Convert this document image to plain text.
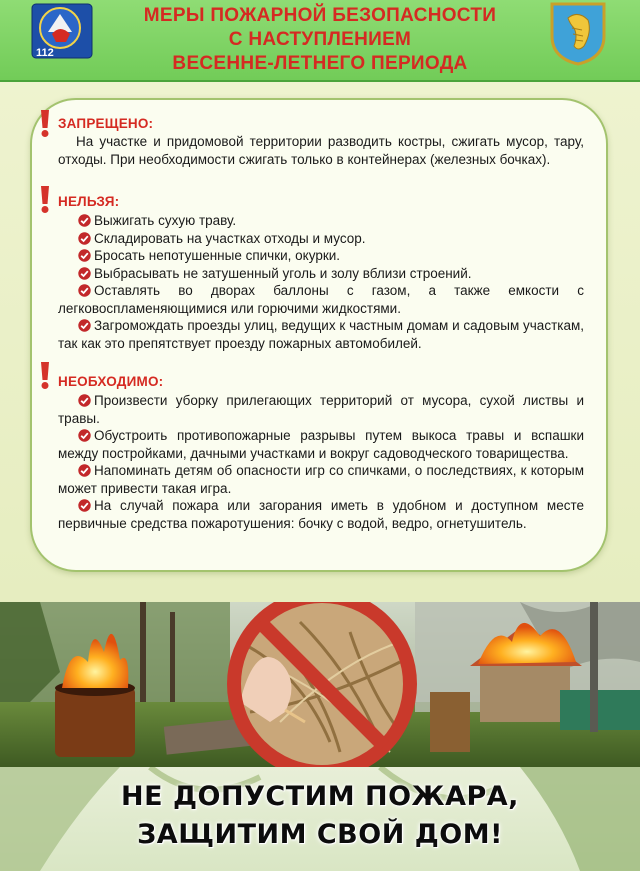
112
МЕРЫ ПОЖАРНОЙ БЕЗОПАСНОСТИ
С НАСТУПЛЕНИЕМ
ВЕСЕННЕ-ЛЕТНЕГО ПЕРИОДА
ЗАПРЕЩЕНО:
На участке и придомовой территории разводить костры, сжигать мусор, тару, отходы. При необходимости сжигать только в контейнерах (железных бочках).
НЕЛЬЗЯ:
Выжигать сухую траву.
Складировать на участках отходы и мусор.
Бросать непотушенные спички, окурки.
Выбрасывать не затушенный уголь и золу вблизи строений.
Оставлять во дворах баллоны с газом, а также емкости с легковоспламеняющимися или горючими жидкостями.
Загромождать проезды улиц, ведущих к частным домам и садовым участкам, так как это препятствует проезду пожарных автомобилей.
НЕОБХОДИМО:
Произвести уборку прилегающих территорий от мусора, сухой листвы и травы.
Обустроить противопожарные разрывы путем выкоса травы и вспашки между постройками, дачными участками и вокруг садоводческого товарищества.
Напоминать детям об опасности игр со спичками, о последствиях, к которым может привести такая игра.
На случай пожара или загорания иметь в удобном и доступном месте первичные средства пожаротушения: бочку с водой, ведро, огнетушитель.
НЕ ДОПУСТИМ ПОЖАРА,
ЗАЩИТИМ СВОЙ ДОМ!
